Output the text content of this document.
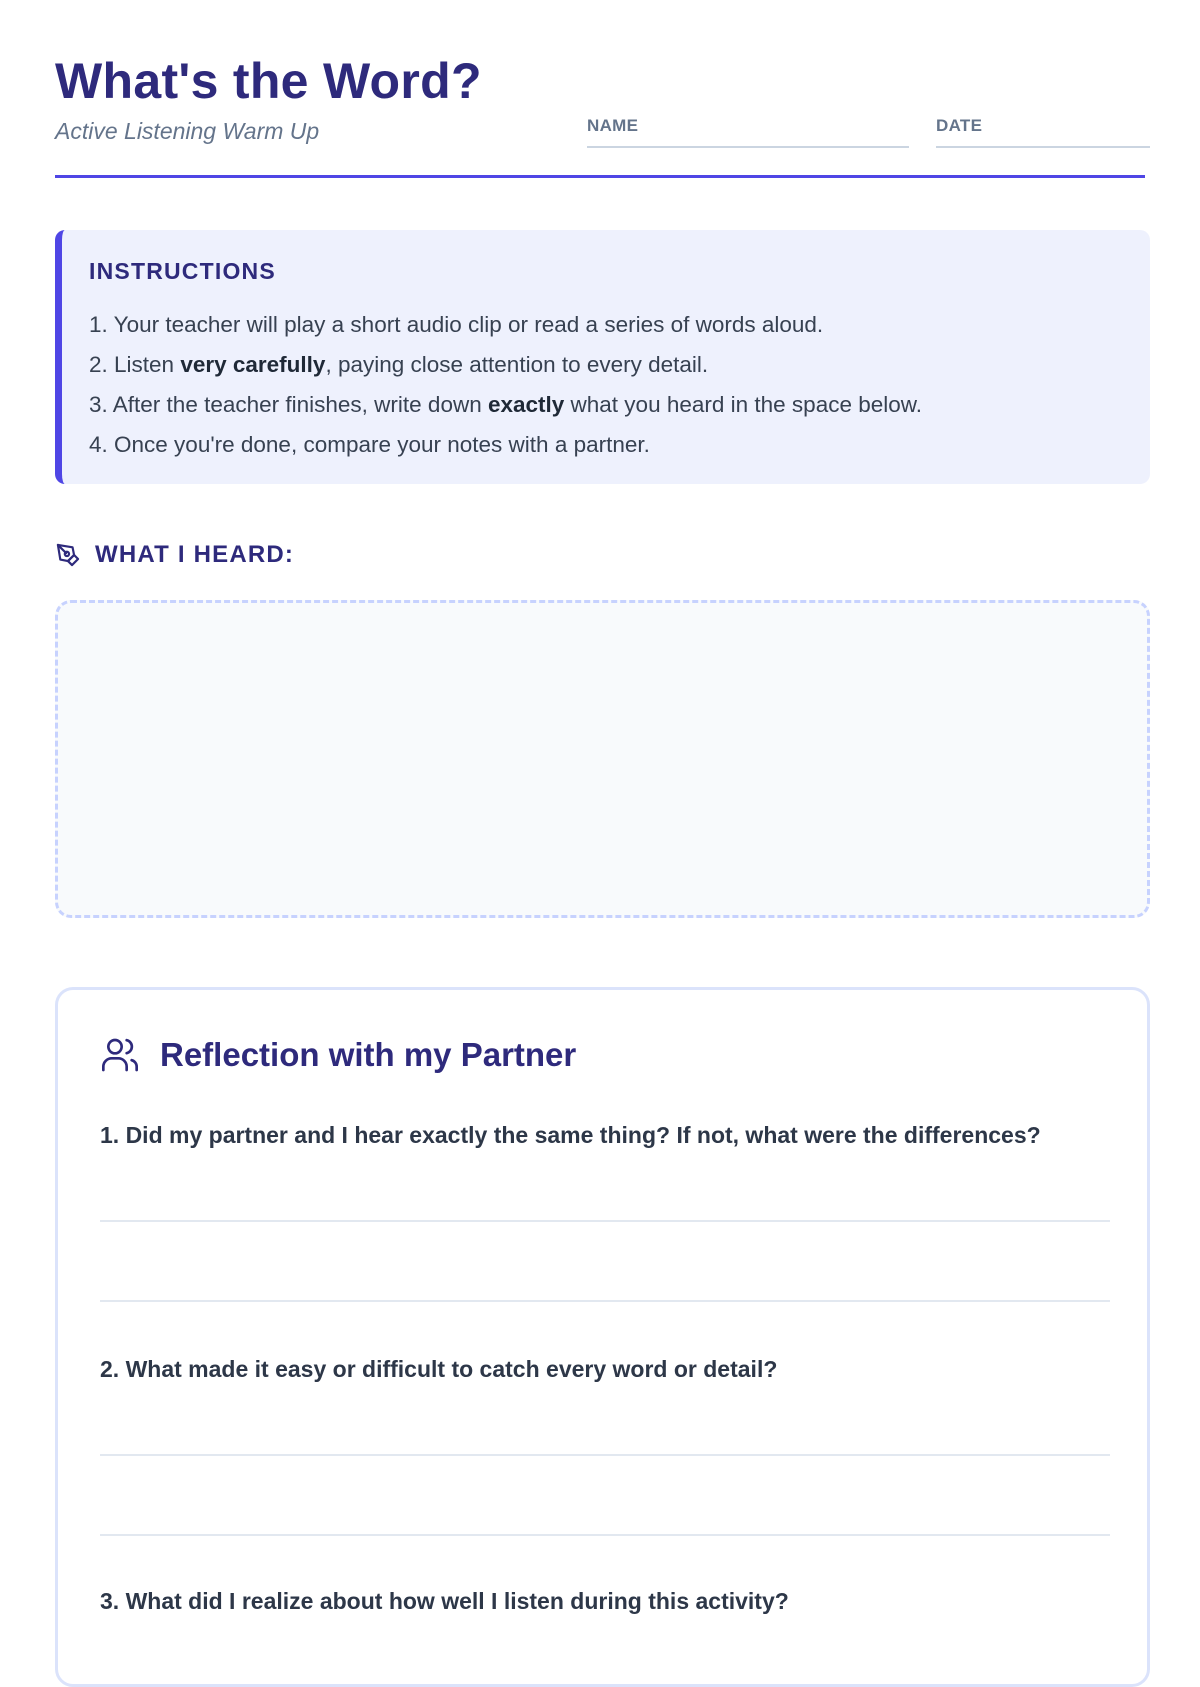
What's the Word?
Active Listening Warm Up	NAME	DATE
INSTRUCTIONS
1. Your teacher will play a short audio clip or read a series of words aloud.
2. Listen very carefully, paying close attention to every detail.
3. After the teacher finishes, write down exactly what you heard in the space below.
4. Once you're done, compare your notes with a partner.
WHAT I HEARD:
Reflection with my Partner
1. Did my partner and I hear exactly the same thing? If not, what were the differences?
2. What made it easy or difficult to catch every word or detail?
3. What did I realize about how well I listen during this activity?
